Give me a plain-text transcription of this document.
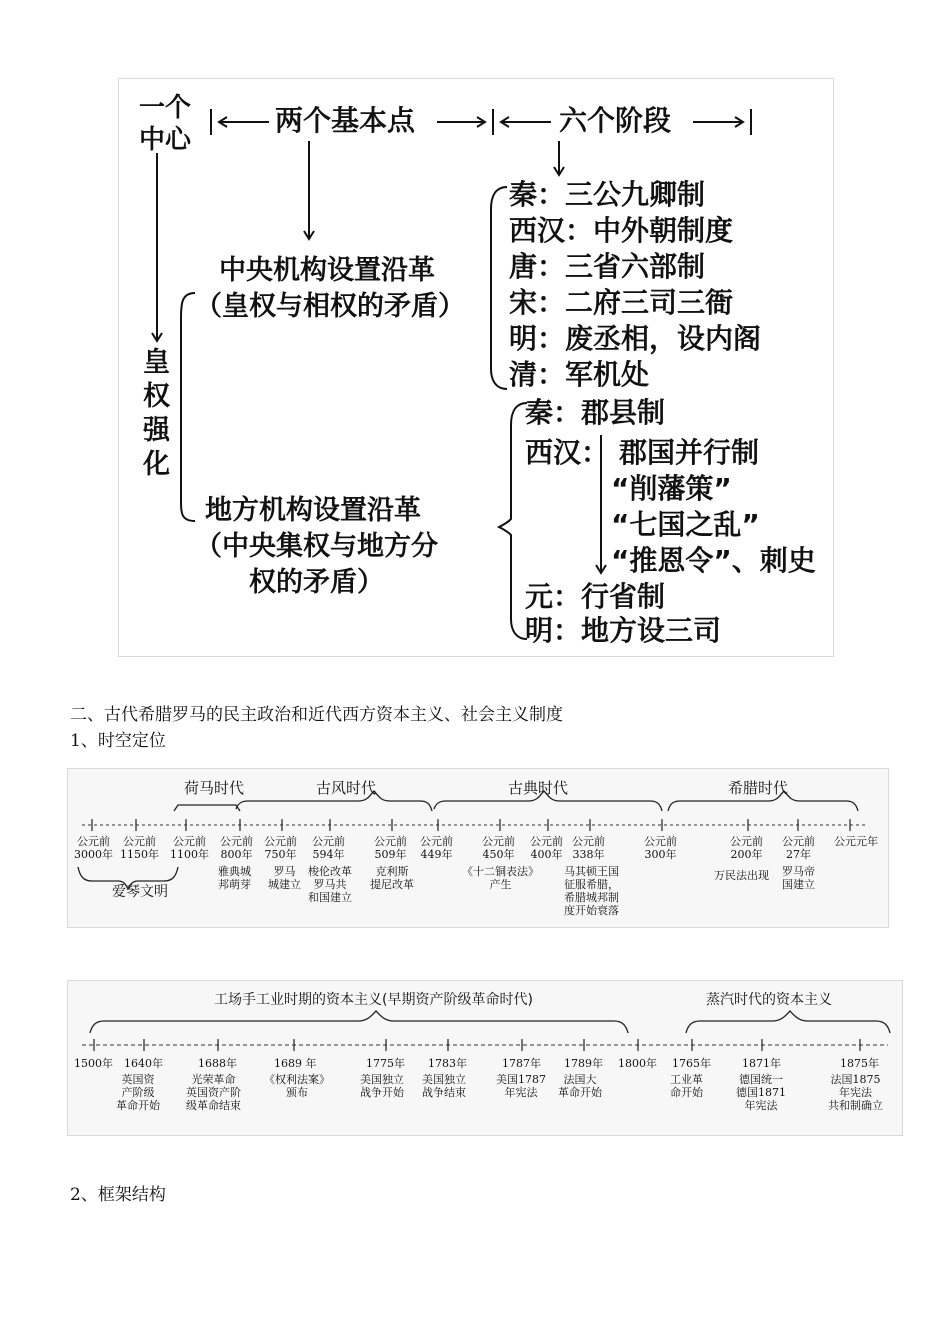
一个
中心
两个基本点	六个阶段
皇
权
强
化
中央机构设置沿革
（皇权与相权的矛盾）
地方机构设置沿革
（中央集权与地方分
权的矛盾）
秦：三公九卿制
西汉：中外朝制度
唐：三省六部制
宋：二府三司三衙
明：废丞相，设内阁
清：军机处
秦：郡县制
西汉： 郡国并行制
“削藩策”
“七国之乱”
“推恩令”、刺史
元：行省制
明：地方设三司
二、古代希腊罗马的民主政治和近代西方资本主义、社会主义制度
1、时空定位
荷马时代	古风时代	古典时代	希腊时代
公元前
3000年
公元前
1150年
公元前
1100年
公元前
800年
公元前
750年
公元前
594年
公元前
509年
公元前
449年
公元前
450年
公元前
400年
公元前
338年
公元前
300年
公元前
200年
公元前
27年
公元元年
爱琴文明
雅典城
邦萌芽
罗马
城建立
梭伦改革
罗马共
和国建立
克利斯
提尼改革
《十二铜表法》
产生
马其顿王国
征服希腊，
希腊城邦制
度开始衰落
万民法出现 罗马帝
国建立
工场手工业时期的资本主义(早期资产阶级革命时代)	蒸汽时代的资本主义
1500年 1640年	1688年	1689 年	1775年 1783年	1787年 1789年 1800年 1765年	1871年	1875年
英国资
产阶级
革命开始
光荣革命
英国资产阶
级革命结束
《权利法案》
颁布
美国独立
战争开始
美国独立
战争结束
美国1787
年宪法
法国大
革命开始
工业革
命开始
德国统一
德国1871
年宪法
法国1875
年宪法
共和制确立
2、框架结构
